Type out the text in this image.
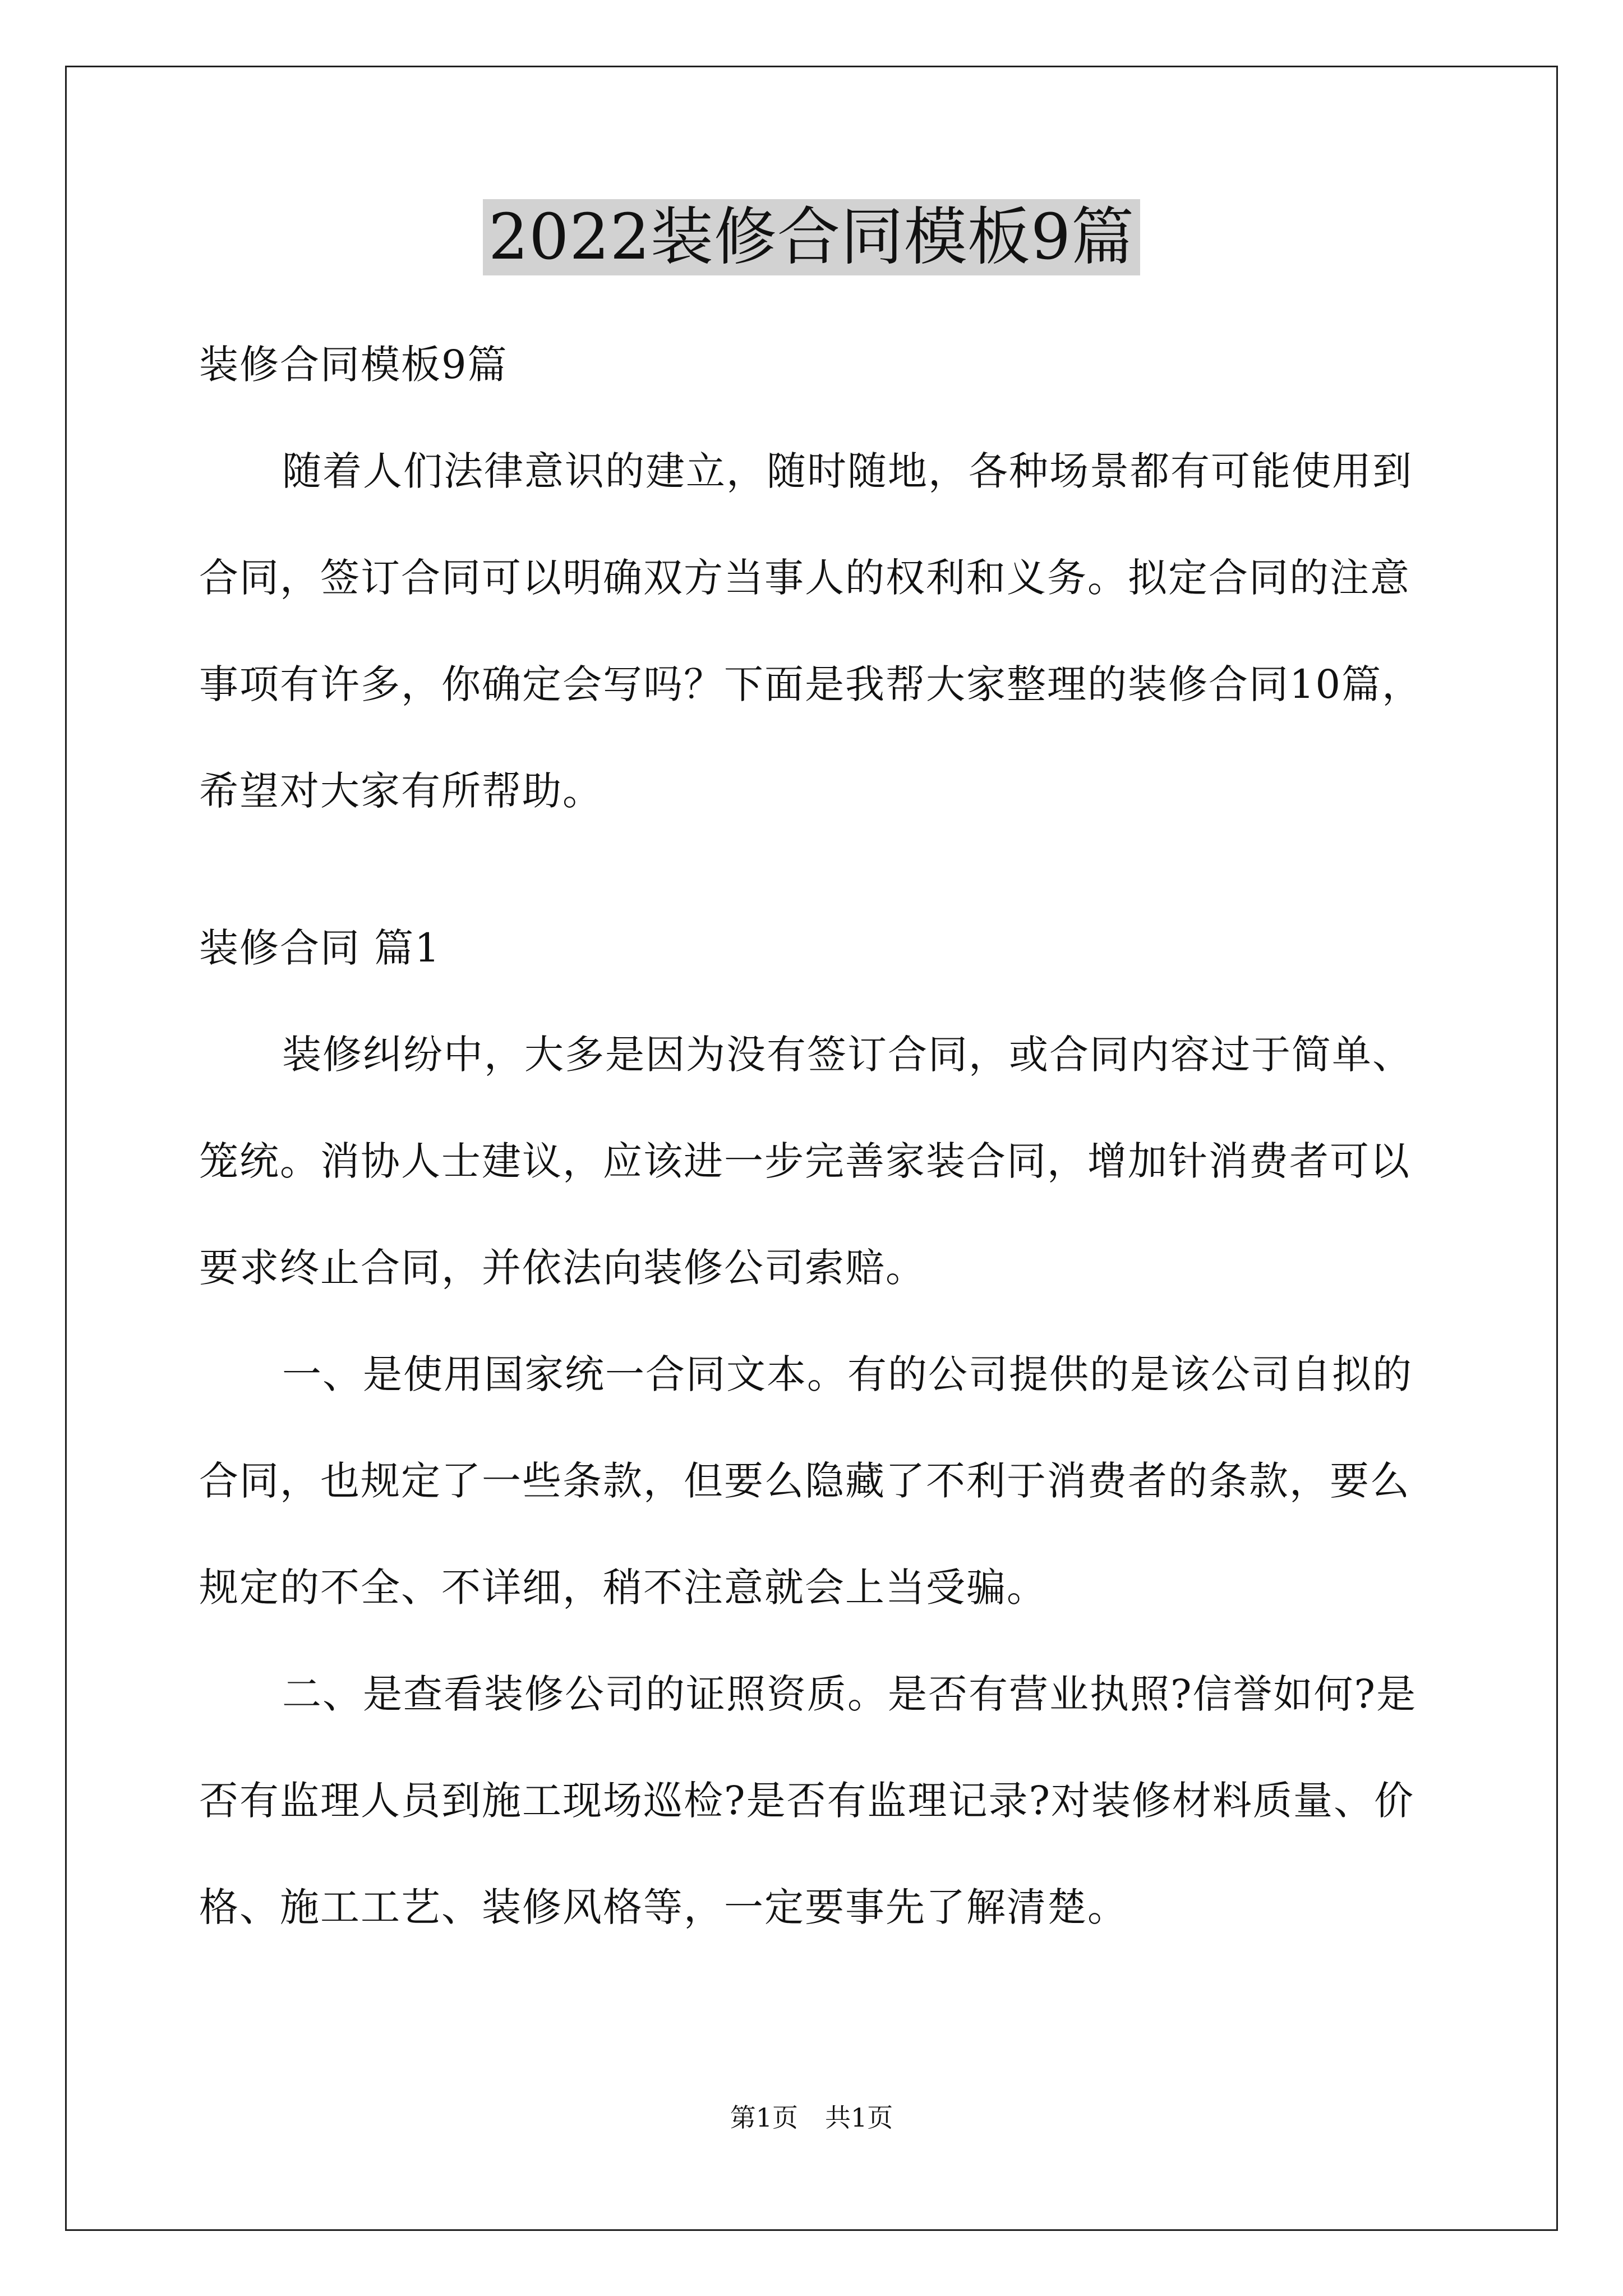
2022装修合同模板9篇
装修合同模板9篇
随着人们法律意识的建立，随时随地，各种场景都有可能使用到
合同，签订合同可以明确双方当事人的权利和义务。拟定合同的注意
事项有许多，你确定会写吗？下面是我帮大家整理的装修合同10篇，
希望对大家有所帮助。
装修合同 篇1
装修纠纷中，大多是因为没有签订合同，或合同内容过于简单、
笼统。消协人士建议，应该进一步完善家装合同，增加针消费者可以
要求终止合同，并依法向装修公司索赔。
一、是使用国家统一合同文本。有的公司提供的是该公司自拟的
合同，也规定了一些条款，但要么隐藏了不利于消费者的条款，要么
规定的不全、不详细，稍不注意就会上当受骗。
二、是查看装修公司的证照资质。是否有营业执照?信誉如何?是
否有监理人员到施工现场巡检?是否有监理记录?对装修材料质量、价
格、施工工艺、装修风格等，一定要事先了解清楚。
第1页 共1页
